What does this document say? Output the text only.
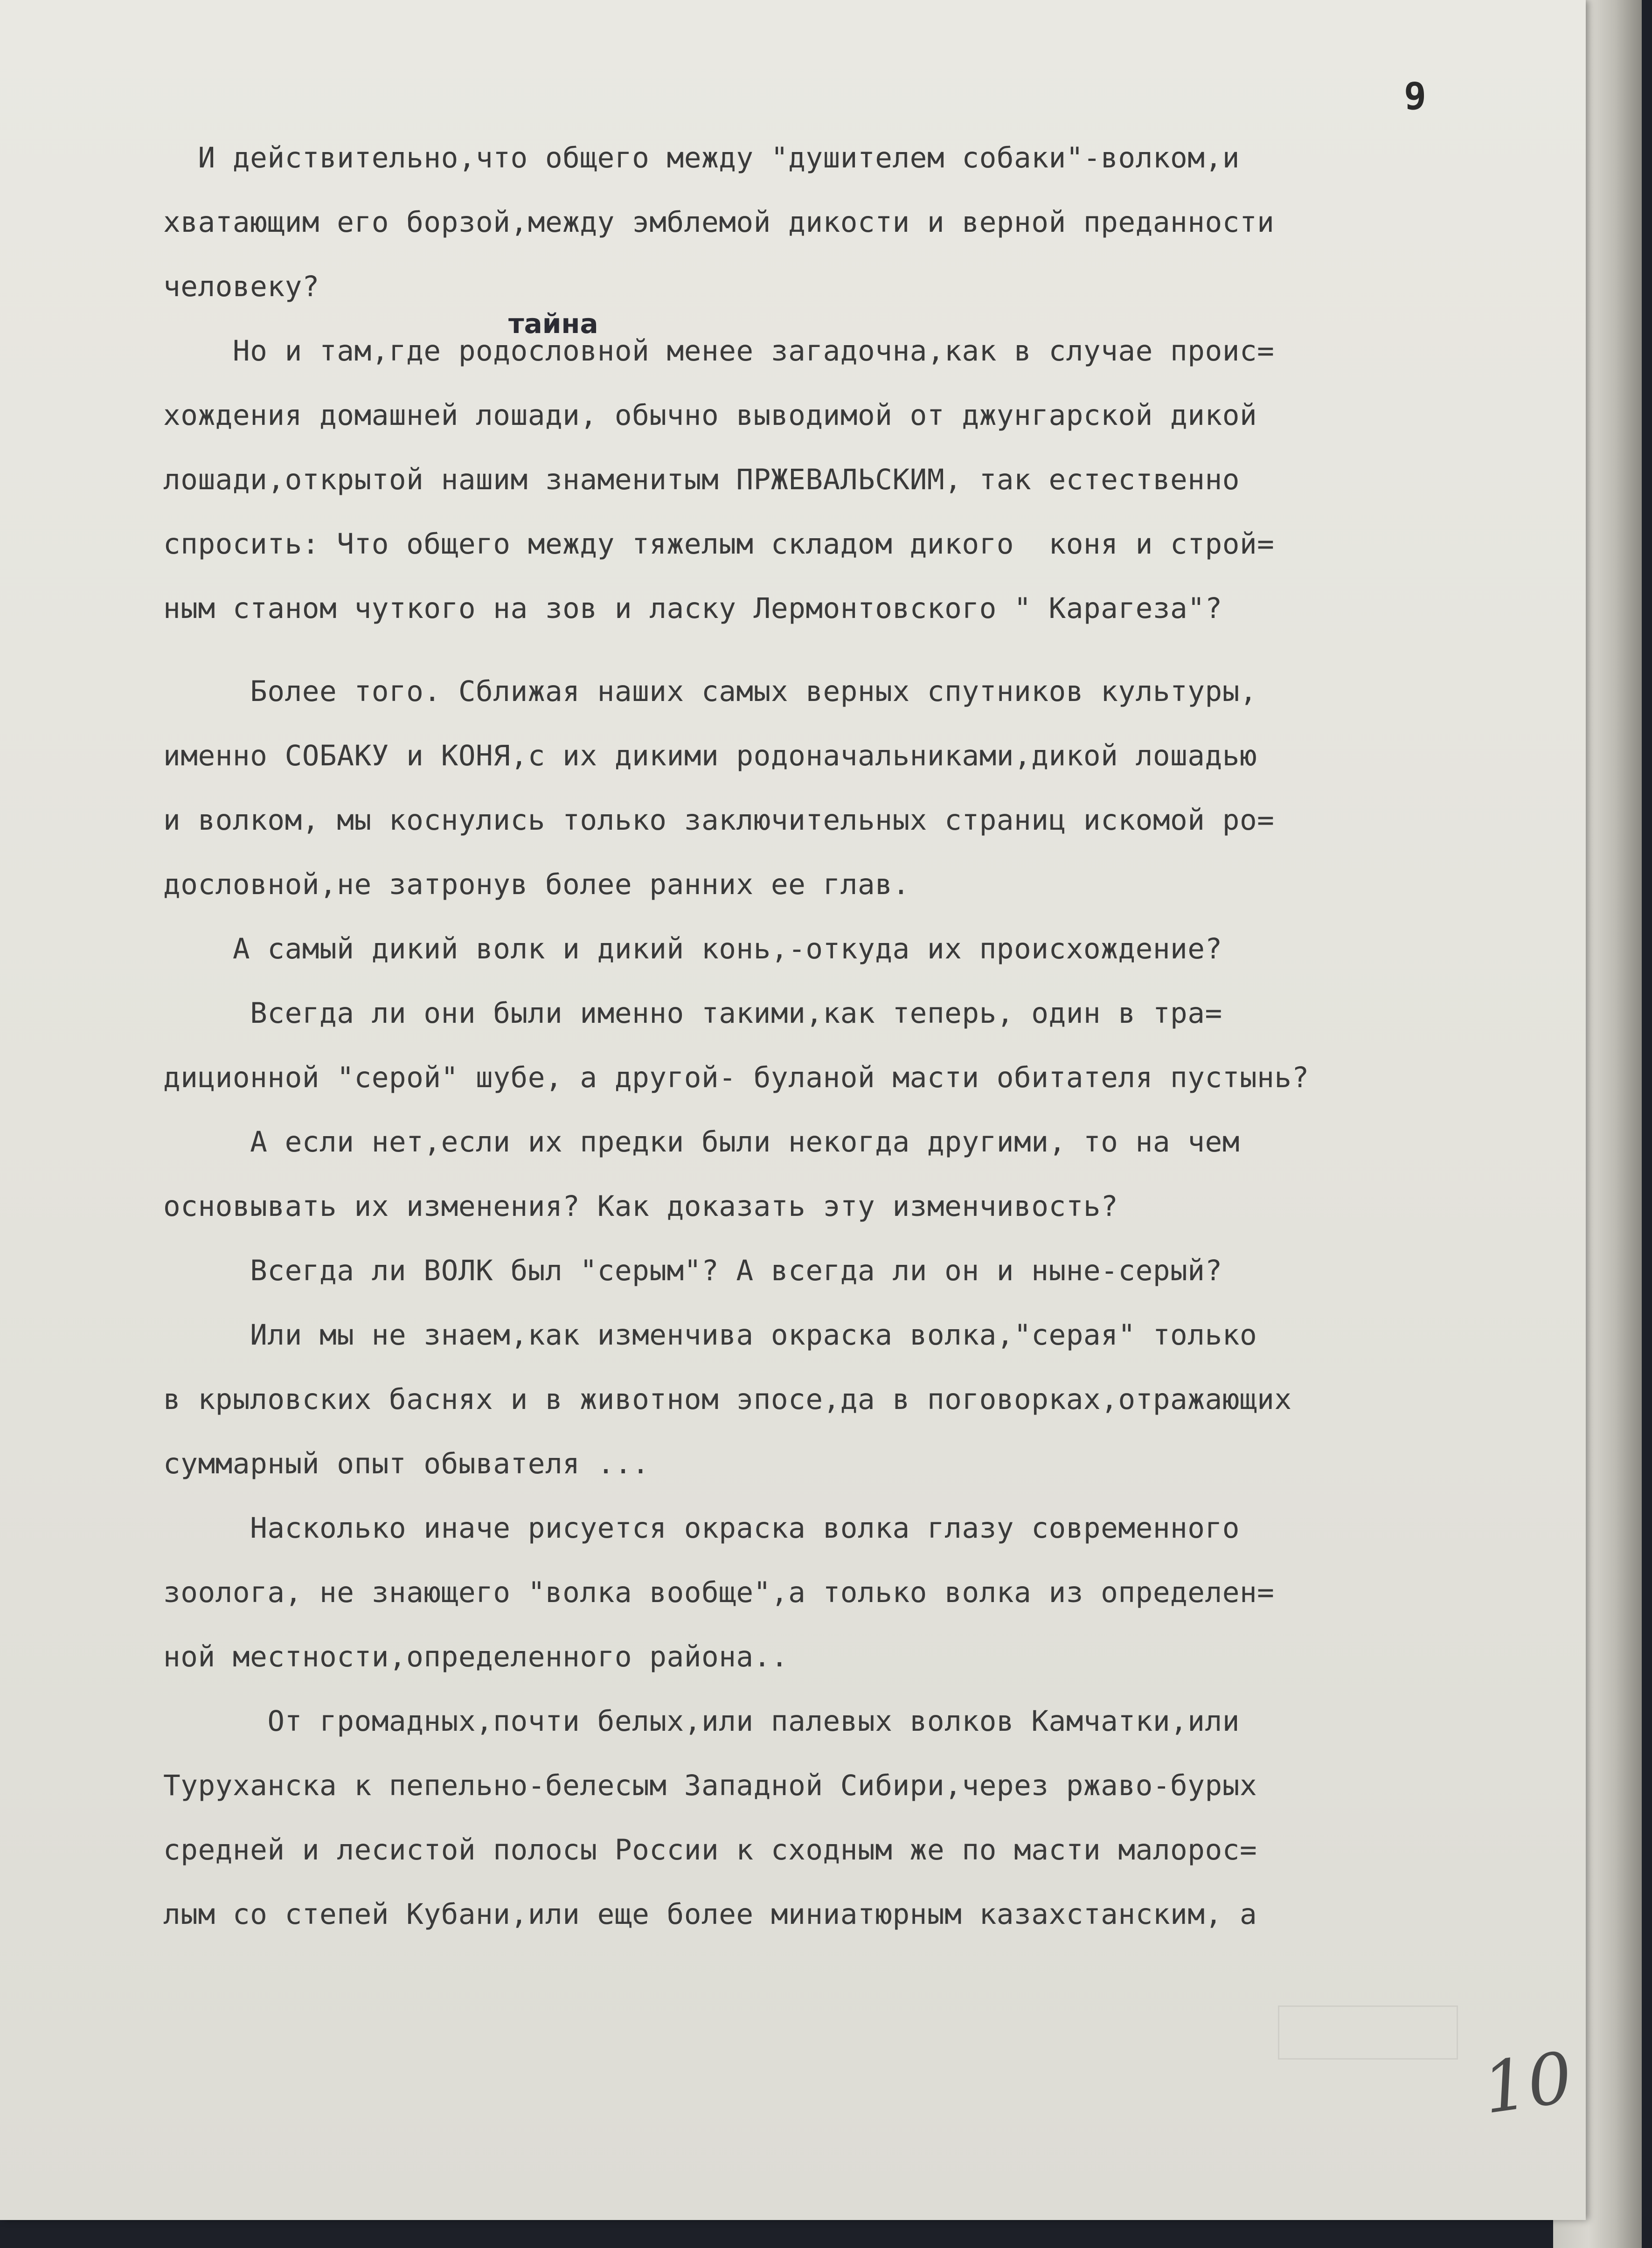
9

тайна

И действительно,что общего между "душителем собаки"-волком,и
хватающим его борзой,между эмблемой дикости и верной преданности
человеку?
Но и там,где родословной менее загадочна,как в случае проис=
хождения домашней лошади, обычно выводимой от джунгарской дикой
лошади,открытой нашим знаменитым ПРЖЕВАЛЬСКИМ, так естественно
спросить: Что общего между тяжелым складом дикого  коня и строй=
ным станом чуткого на зов и ласку Лермонтовского " Карагеза"?
Более того. Сближая наших самых верных спутников культуры,
именно СОБАКУ и КОНЯ,с их дикими родоначальниками,дикой лошадью
и волком, мы коснулись только заключительных страниц искомой ро=
дословной,не затронув более ранних ее глав.
А самый дикий волк и дикий конь,-откуда их происхождение?
Всегда ли они были именно такими,как теперь, один в тра=
диционной "серой" шубе, а другой- буланой масти обитателя пустынь?
А если нет,если их предки были некогда другими, то на чем
основывать их изменения? Как доказать эту изменчивость?
Всегда ли ВОЛК был "серым"? А всегда ли он и ныне-серый?
Или мы не знаем,как изменчива окраска волка,"серая" только
в крыловских баснях и в животном эпосе,да в поговорках,отражающих
суммарный опыт обывателя ...
Насколько иначе рисуется окраска волка глазу современного
зоолога, не знающего "волка вообще",а только волка из определен=
ной местности,определенного района..
От громадных,почти белых,или палевых волков Камчатки,или
Туруханска к пепельно-белесым Западной Сибири,через ржаво-бурых
средней и лесистой полосы России к сходным же по масти малорос=
лым со степей Кубани,или еще более миниатюрным казахстанским, а

10
